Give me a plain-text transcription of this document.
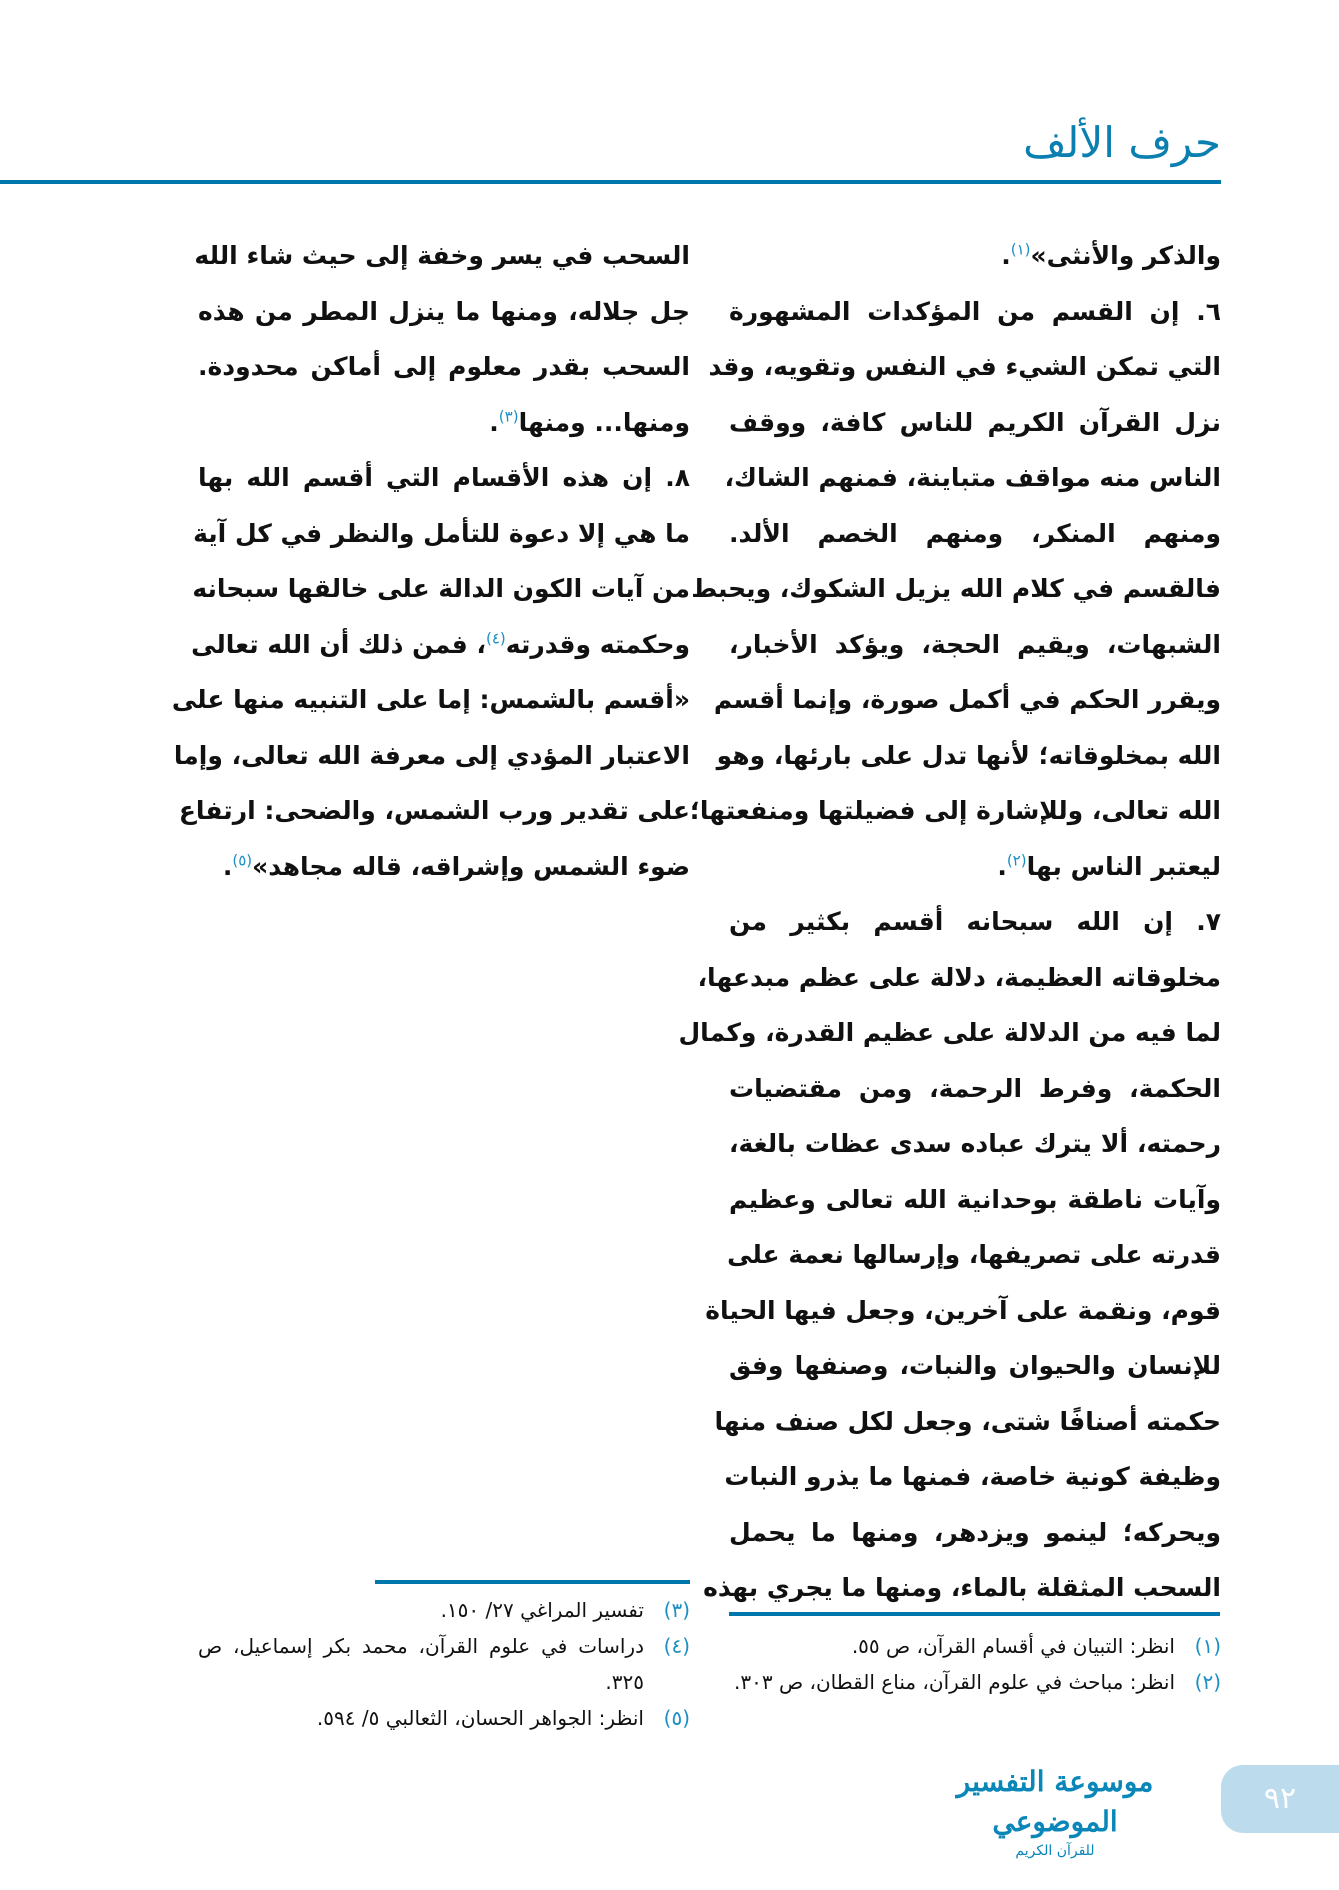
حرف الألف
والذكر والأنثى»$^{(١)}$.
٦. إن القسم من المؤكدات المشهورة
التي تمكن الشيء في النفس وتقويه، وقد
نزل القرآن الكريم للناس كافة، ووقف
الناس منه مواقف متباينة، فمنهم الشاك،
ومنهم المنكر، ومنهم الخصم الألد.
فالقسم في كلام الله يزيل الشكوك، ويحبط
الشبهات، ويقيم الحجة، ويؤكد الأخبار،
ويقرر الحكم في أكمل صورة، وإنما أقسم
الله بمخلوقاته؛ لأنها تدل على بارئها، وهو
الله تعالى، وللإشارة إلى فضيلتها ومنفعتها؛
ليعتبر الناس بها$^{(٢)}$.
٧. إن الله سبحانه أقسم بكثير من
مخلوقاته العظيمة، دلالة على عظم مبدعها،
لما فيه من الدلالة على عظيم القدرة، وكمال
الحكمة، وفرط الرحمة، ومن مقتضيات
رحمته، ألا يترك عباده سدى عظات بالغة،
وآيات ناطقة بوحدانية الله تعالى وعظيم
قدرته على تصريفها، وإرسالها نعمة على
قوم، ونقمة على آخرين، وجعل فيها الحياة
للإنسان والحيوان والنبات، وصنفها وفق
حكمته أصنافًا شتى، وجعل لكل صنف منها
وظيفة كونية خاصة، فمنها ما يذرو النبات
ويحركه؛ لينمو ويزدهر، ومنها ما يحمل
السحب المثقلة بالماء، ومنها ما يجري بهذه
السحب في يسر وخفة إلى حيث شاء الله
جل جلاله، ومنها ما ينزل المطر من هذه
السحب بقدر معلوم إلى أماكن محدودة.
ومنها... ومنها$^{(٣)}$.
٨. إن هذه الأقسام التي أقسم الله بها
ما هي إلا دعوة للتأمل والنظر في كل آية
من آيات الكون الدالة على خالقها سبحانه
وحكمته وقدرته$^{(٤)}$، فمن ذلك أن الله تعالى
«أقسم بالشمس: إما على التنبيه منها على
الاعتبار المؤدي إلى معرفة الله تعالى، وإما
على تقدير ورب الشمس، والضحى: ارتفاع
ضوء الشمس وإشراقه، قاله مجاهد»$^{(٥)}$.
(١)
انظر: التبيان في أقسام القرآن، ص ٥٥.
(٢)
انظر: مباحث في علوم القرآن، مناع القطان، ص ٣٠٣.
(٣)
تفسير المراغي ٢٧/ ١٥٠.
(٤)
دراسات في علوم القرآن، محمد بكر إسماعيل، ص ٣٢٥.
(٥)
انظر: الجواهر الحسان، الثعالبي ٥/ ٥٩٤.
موسوعة التفسير الموضوعي
للقرآن الكريم
٩٢
